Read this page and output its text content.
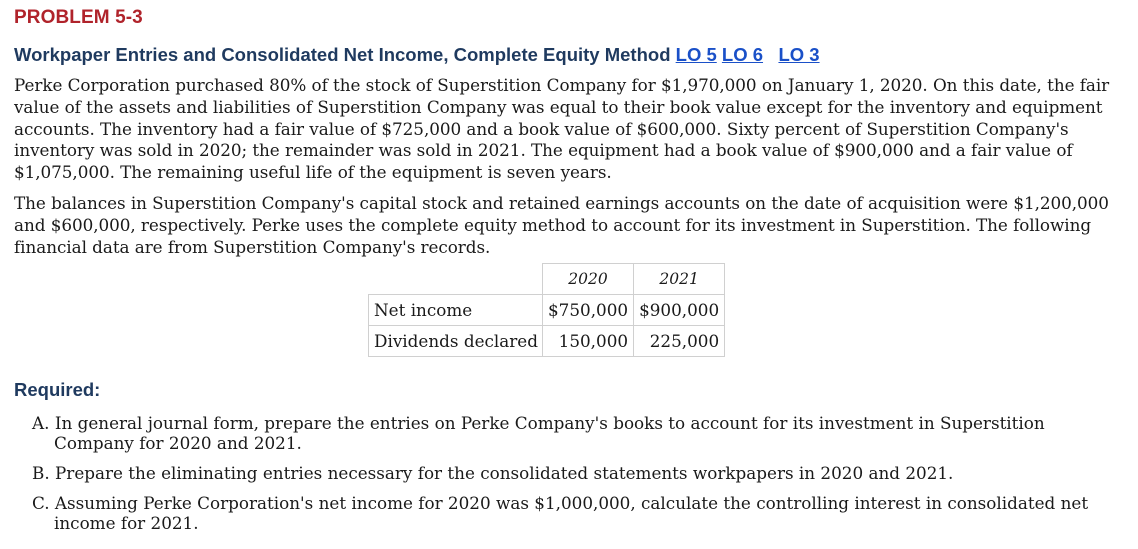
PROBLEM 5-3
Workpaper Entries and Consolidated Net Income, Complete Equity Method LO 5 LO 6 LO 3

Perke Corporation purchased 80% of the stock of Superstition Company for $1,970,000 on January 1, 2020. On this date, the fair value of the assets and liabilities of Superstition Company was equal to their book value except for the inventory and equipment accounts. The inventory had a fair value of $725,000 and a book value of $600,000. Sixty percent of Superstition Company's inventory was sold in 2020; the remainder was sold in 2021. The equipment had a book value of $900,000 and a fair value of $1,075,000. The remaining useful life of the equipment is seven years.

The balances in Superstition Company's capital stock and retained earnings accounts on the date of acquisition were $1,200,000 and $600,000, respectively. Perke uses the complete equity method to account for its investment in Superstition. The following financial data are from Superstition Company's records.

	2020	2021
Net income	$750,000	$900,000
Dividends declared	150,000	225,000
Required:
A. In general journal form, prepare the entries on Perke Company's books to account for its investment in Superstition Company for 2020 and 2021.
B. Prepare the eliminating entries necessary for the consolidated statements workpapers in 2020 and 2021.
C. Assuming Perke Corporation's net income for 2020 was $1,000,000, calculate the controlling interest in consolidated net income for 2021.
